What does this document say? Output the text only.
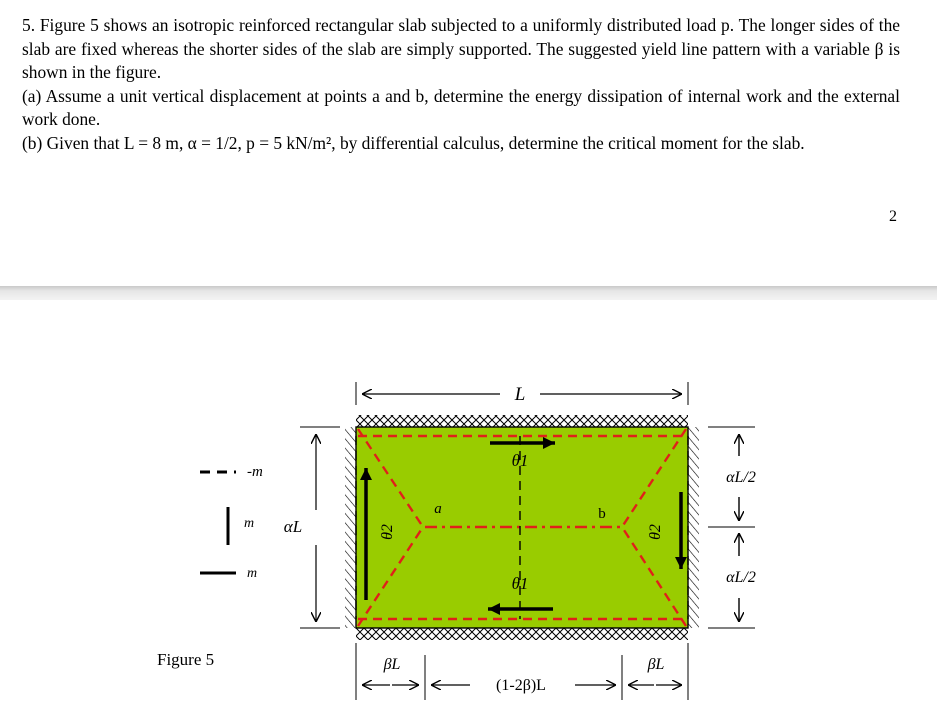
5. Figure 5 shows an isotropic reinforced rectangular slab subjected to a uniformly distributed load p. The longer sides of the slab are fixed whereas the shorter sides of the slab are simply supported. The suggested yield line pattern with a variable β is shown in the figure.

(a) Assume a unit vertical displacement at points a and b, determine the energy dissipation of internal work and the external work done.

(b) Given that L = 8 m, α = 1/2, p = 5 kN/m², by differential calculus, determine the critical moment for the slab.

2
L
θ1
θ1
θ2	θ2
a	b
αL
-m
m
m
Figure 5
αL/2
αL/2
βL	βL
(1-2β)L
